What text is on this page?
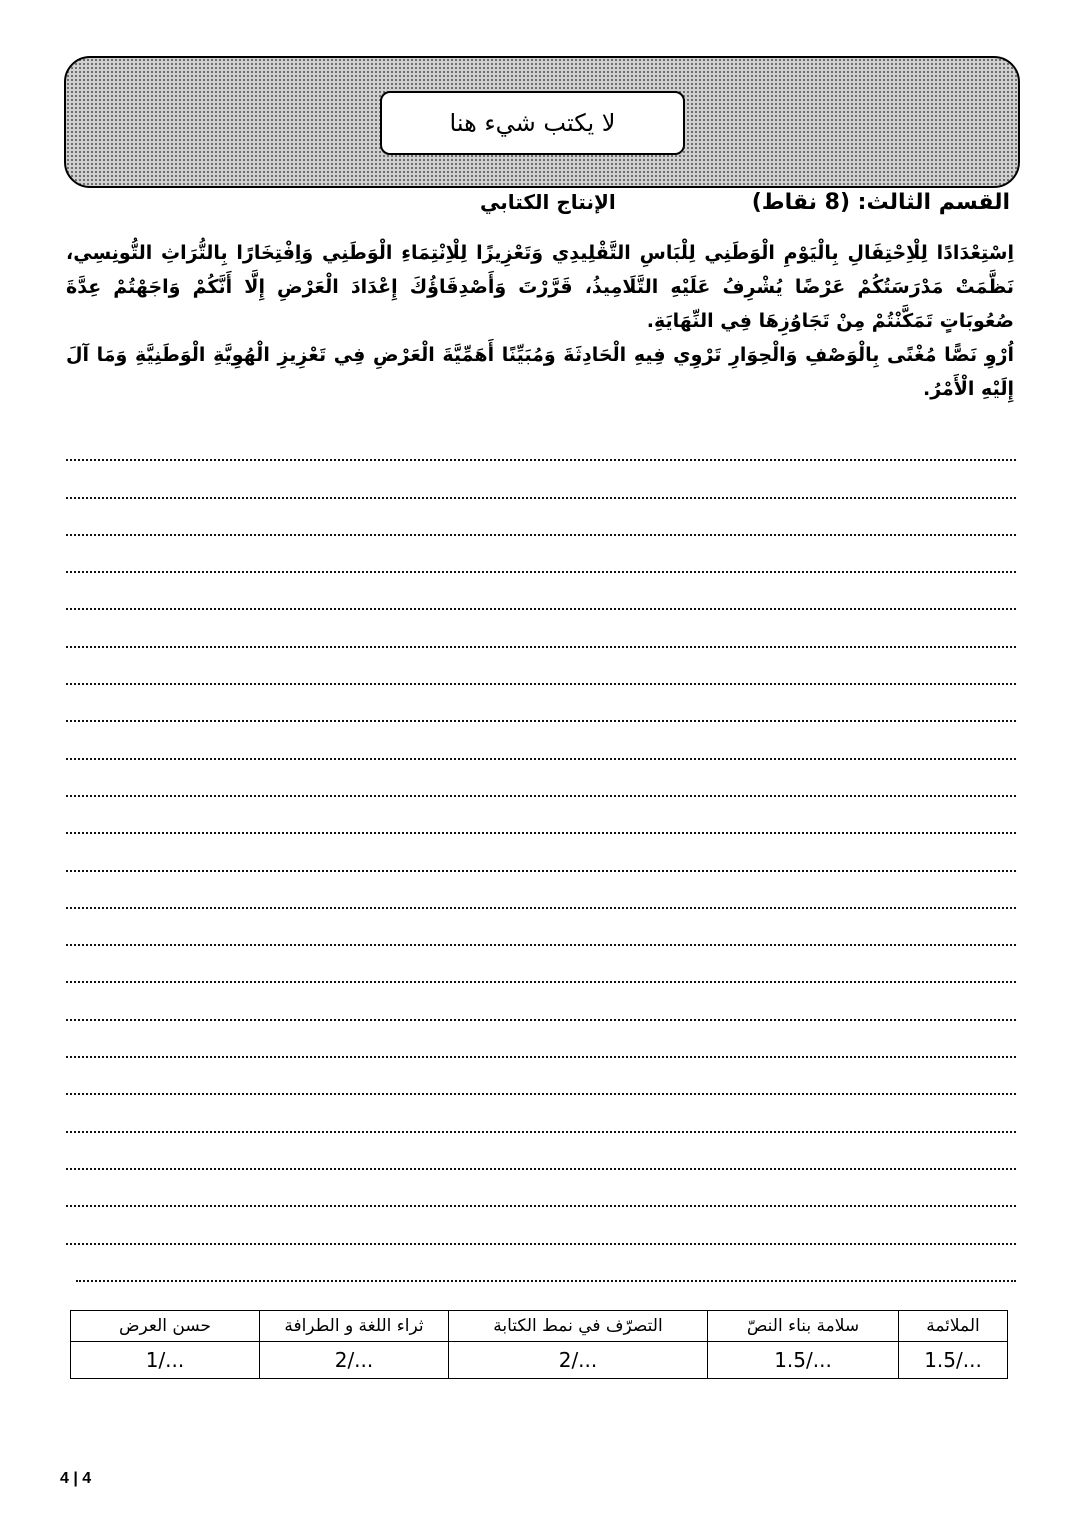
لا يكتب شيء هنا
القسم الثالث: (8 نقاط)
الإنتاج الكتابي

اِسْتِعْدَادًا لِلْاِحْتِفَالِ بِالْيَوْمِ الْوَطَنِي لِلْبَاسِ التَّقْلِيدِي وَتَعْزِيزًا لِلْاِنْتِمَاءِ الْوَطَنِي وَاِفْتِخَارًا بِالتُّرَاثِ التُّونِسِي، نَظَّمَتْ مَدْرَسَتُكُمْ عَرْضًا يُشْرِفُ عَلَيْهِ التَّلَامِيذُ، قَرَّرْتَ وَأَصْدِقَاؤُكَ إِعْدَادَ الْعَرْضِ إِلَّا أَنَّكُمْ وَاجَهْتُمْ عِدَّةَ صُعُوبَاتٍ تَمَكَّنْتُمْ مِنْ تَجَاوُزِهَا فِي النِّهَايَةِ.

اُرْوِ نَصًّا مُغْنًى بِالْوَصْفِ وَالْحِوَارِ تَرْوِي فِيهِ الْحَادِثَةَ وَمُبَيِّنًا أَهَمِّيَّةَ الْعَرْضِ فِي تَعْزِيزِ الْهُوِيَّةِ الْوَطَنِيَّةِ وَمَا آلَ إِلَيْهِ الْأَمْرُ.

الملائمة	سلامة بناء النصّ	التصرّف في نمط الكتابة	ثراء اللغة و الطرافة	حسن العرض
1.5/...	1.5/...	2/...	2/...	1/...
4 | 4
